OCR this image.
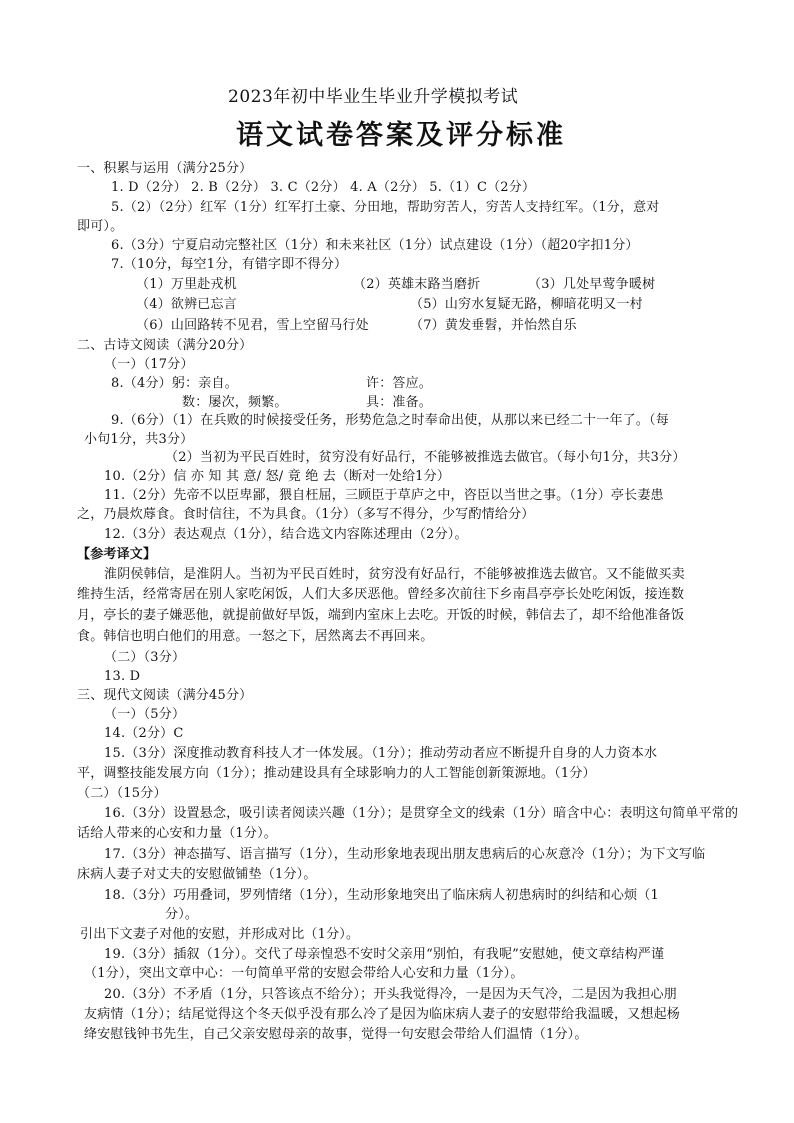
2023年初中毕业生毕业升学模拟考试
语文试卷答案及评分标准
一、积累与运用（满分25分）
1. D（2分） 2. B（2分） 3. C（2分） 4. A（2分） 5.（1）C（2分）
5.（2）（2分）红军（1分）红军打土豪、分田地，帮助穷苦人，穷苦人支持红军。（1分，意对
即可）。
6.（3分）宁夏启动完整社区（1分）和未来社区（1分）试点建设（1分）（超20字扣1分）
7.（10分，每空1分，有错字即不得分）
（1）万里赴戎机	（2）英雄末路当磨折	（3）几处早莺争暖树
（4）欲辨已忘言	（5）山穷水复疑无路，柳暗花明又一村
（6）山回路转不见君，雪上空留马行处	（7）黄发垂髫，并怡然自乐
二、古诗文阅读（满分20分）
（一）（17分）
8.（4分）躬：亲自。	许：答应。
数：屡次，频繁。	具：准备。
9.（6分）（1）在兵败的时候接受任务，形势危急之时奉命出使，从那以来已经二十一年了。（每
小句1分，共3分）
（2）当初为平民百姓时，贫穷没有好品行，不能够被推选去做官。（每小句1分，共3分）
10.（2分）信 亦 知 其 意/ 怒/ 竟 绝 去（断对一处给1分）
11.（2分）先帝不以臣卑鄙，猥自枉屈，三顾臣于草庐之中，咨臣以当世之事。（1分）亭长妻患
之，乃晨炊蓐食。食时信往，不为具食。（1分）（多写不得分，少写酌情给分）
12.（3分）表达观点（1分），结合选文内容陈述理由（2分）。
【参考译文】
淮阴侯韩信，是淮阴人。当初为平民百姓时，贫穷没有好品行，不能够被推选去做官。又不能做买卖
维持生活，经常寄居在别人家吃闲饭，人们大多厌恶他。曾经多次前往下乡南昌亭亭长处吃闲饭，接连数
月，亭长的妻子嫌恶他，就提前做好早饭，端到内室床上去吃。开饭的时候，韩信去了，却不给他准备饭
食。韩信也明白他们的用意。一怒之下，居然离去不再回来。
（二）（3分）
13. D
三、现代文阅读（满分45分）
（一）（5分）
14.（2分）C
15.（3分）深度推动教育科技人才一体发展。（1分）；推动劳动者应不断提升自身的人力资本水
平，调整技能发展方向（1分）；推动建设具有全球影响力的人工智能创新策源地。（1分）
（二）（15分）
16.（3分）设置悬念，吸引读者阅读兴趣（1分）；是贯穿全文的线索（1分）暗含中心：表明这句简单平常的
话给人带来的心安和力量（1分）。
17.（3分）神态描写、语言描写（1分），生动形象地表现出朋友患病后的心灰意冷（1分）；为下文写临
床病人妻子对丈夫的安慰做铺垫（1分）。
18.（3分）巧用叠词，罗列情绪（1分），生动形象地突出了临床病人初患病时的纠结和心烦（1
分）。
引出下文妻子对他的安慰，并形成对比（1分）。
19.（3分）插叙（1分）。交代了母亲惶恐不安时父亲用“别怕，有我呢”安慰她，使文章结构严谨
（1分），突出文章中心：一句简单平常的安慰会带给人心安和力量（1分）。
20.（3分）不矛盾（1分，只答该点不给分）；开头我觉得冷，一是因为天气冷，二是因为我担心朋
友病情（1分）；结尾觉得这个冬天似乎没有那么冷了是因为临床病人妻子的安慰带给我温暖，又想起杨
绛安慰钱钟书先生，自己父亲安慰母亲的故事，觉得一句安慰会带给人们温情（1分）。
